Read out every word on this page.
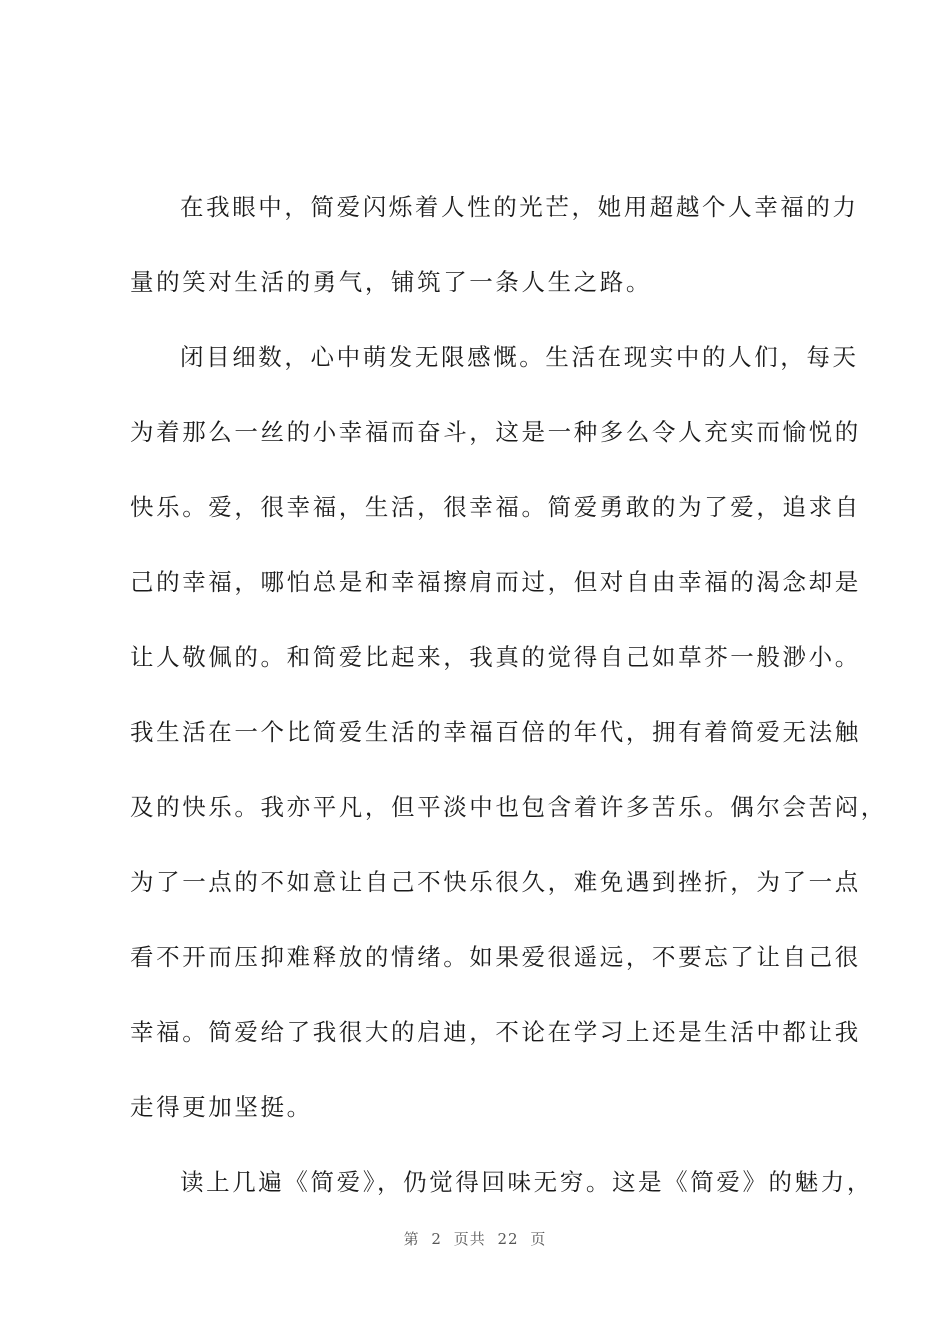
在我眼中，简爱闪烁着人性的光芒，她用超越个人幸福的力
量的笑对生活的勇气，铺筑了一条人生之路。
闭目细数，心中萌发无限感慨。生活在现实中的人们，每天
为着那么一丝的小幸福而奋斗，这是一种多么令人充实而愉悦的
快乐。爱，很幸福，生活，很幸福。简爱勇敢的为了爱，追求自
己的幸福，哪怕总是和幸福擦肩而过，但对自由幸福的渴念却是
让人敬佩的。和简爱比起来，我真的觉得自己如草芥一般渺小。
我生活在一个比简爱生活的幸福百倍的年代，拥有着简爱无法触
及的快乐。我亦平凡，但平淡中也包含着许多苦乐。偶尔会苦闷，
为了一点的不如意让自己不快乐很久，难免遇到挫折，为了一点
看不开而压抑难释放的情绪。如果爱很遥远，不要忘了让自己很
幸福。简爱给了我很大的启迪，不论在学习上还是生活中都让我
走得更加坚挺。
读上几遍《简爱》，仍觉得回味无穷。这是《简爱》的魅力，
第 2 页共 22 页
